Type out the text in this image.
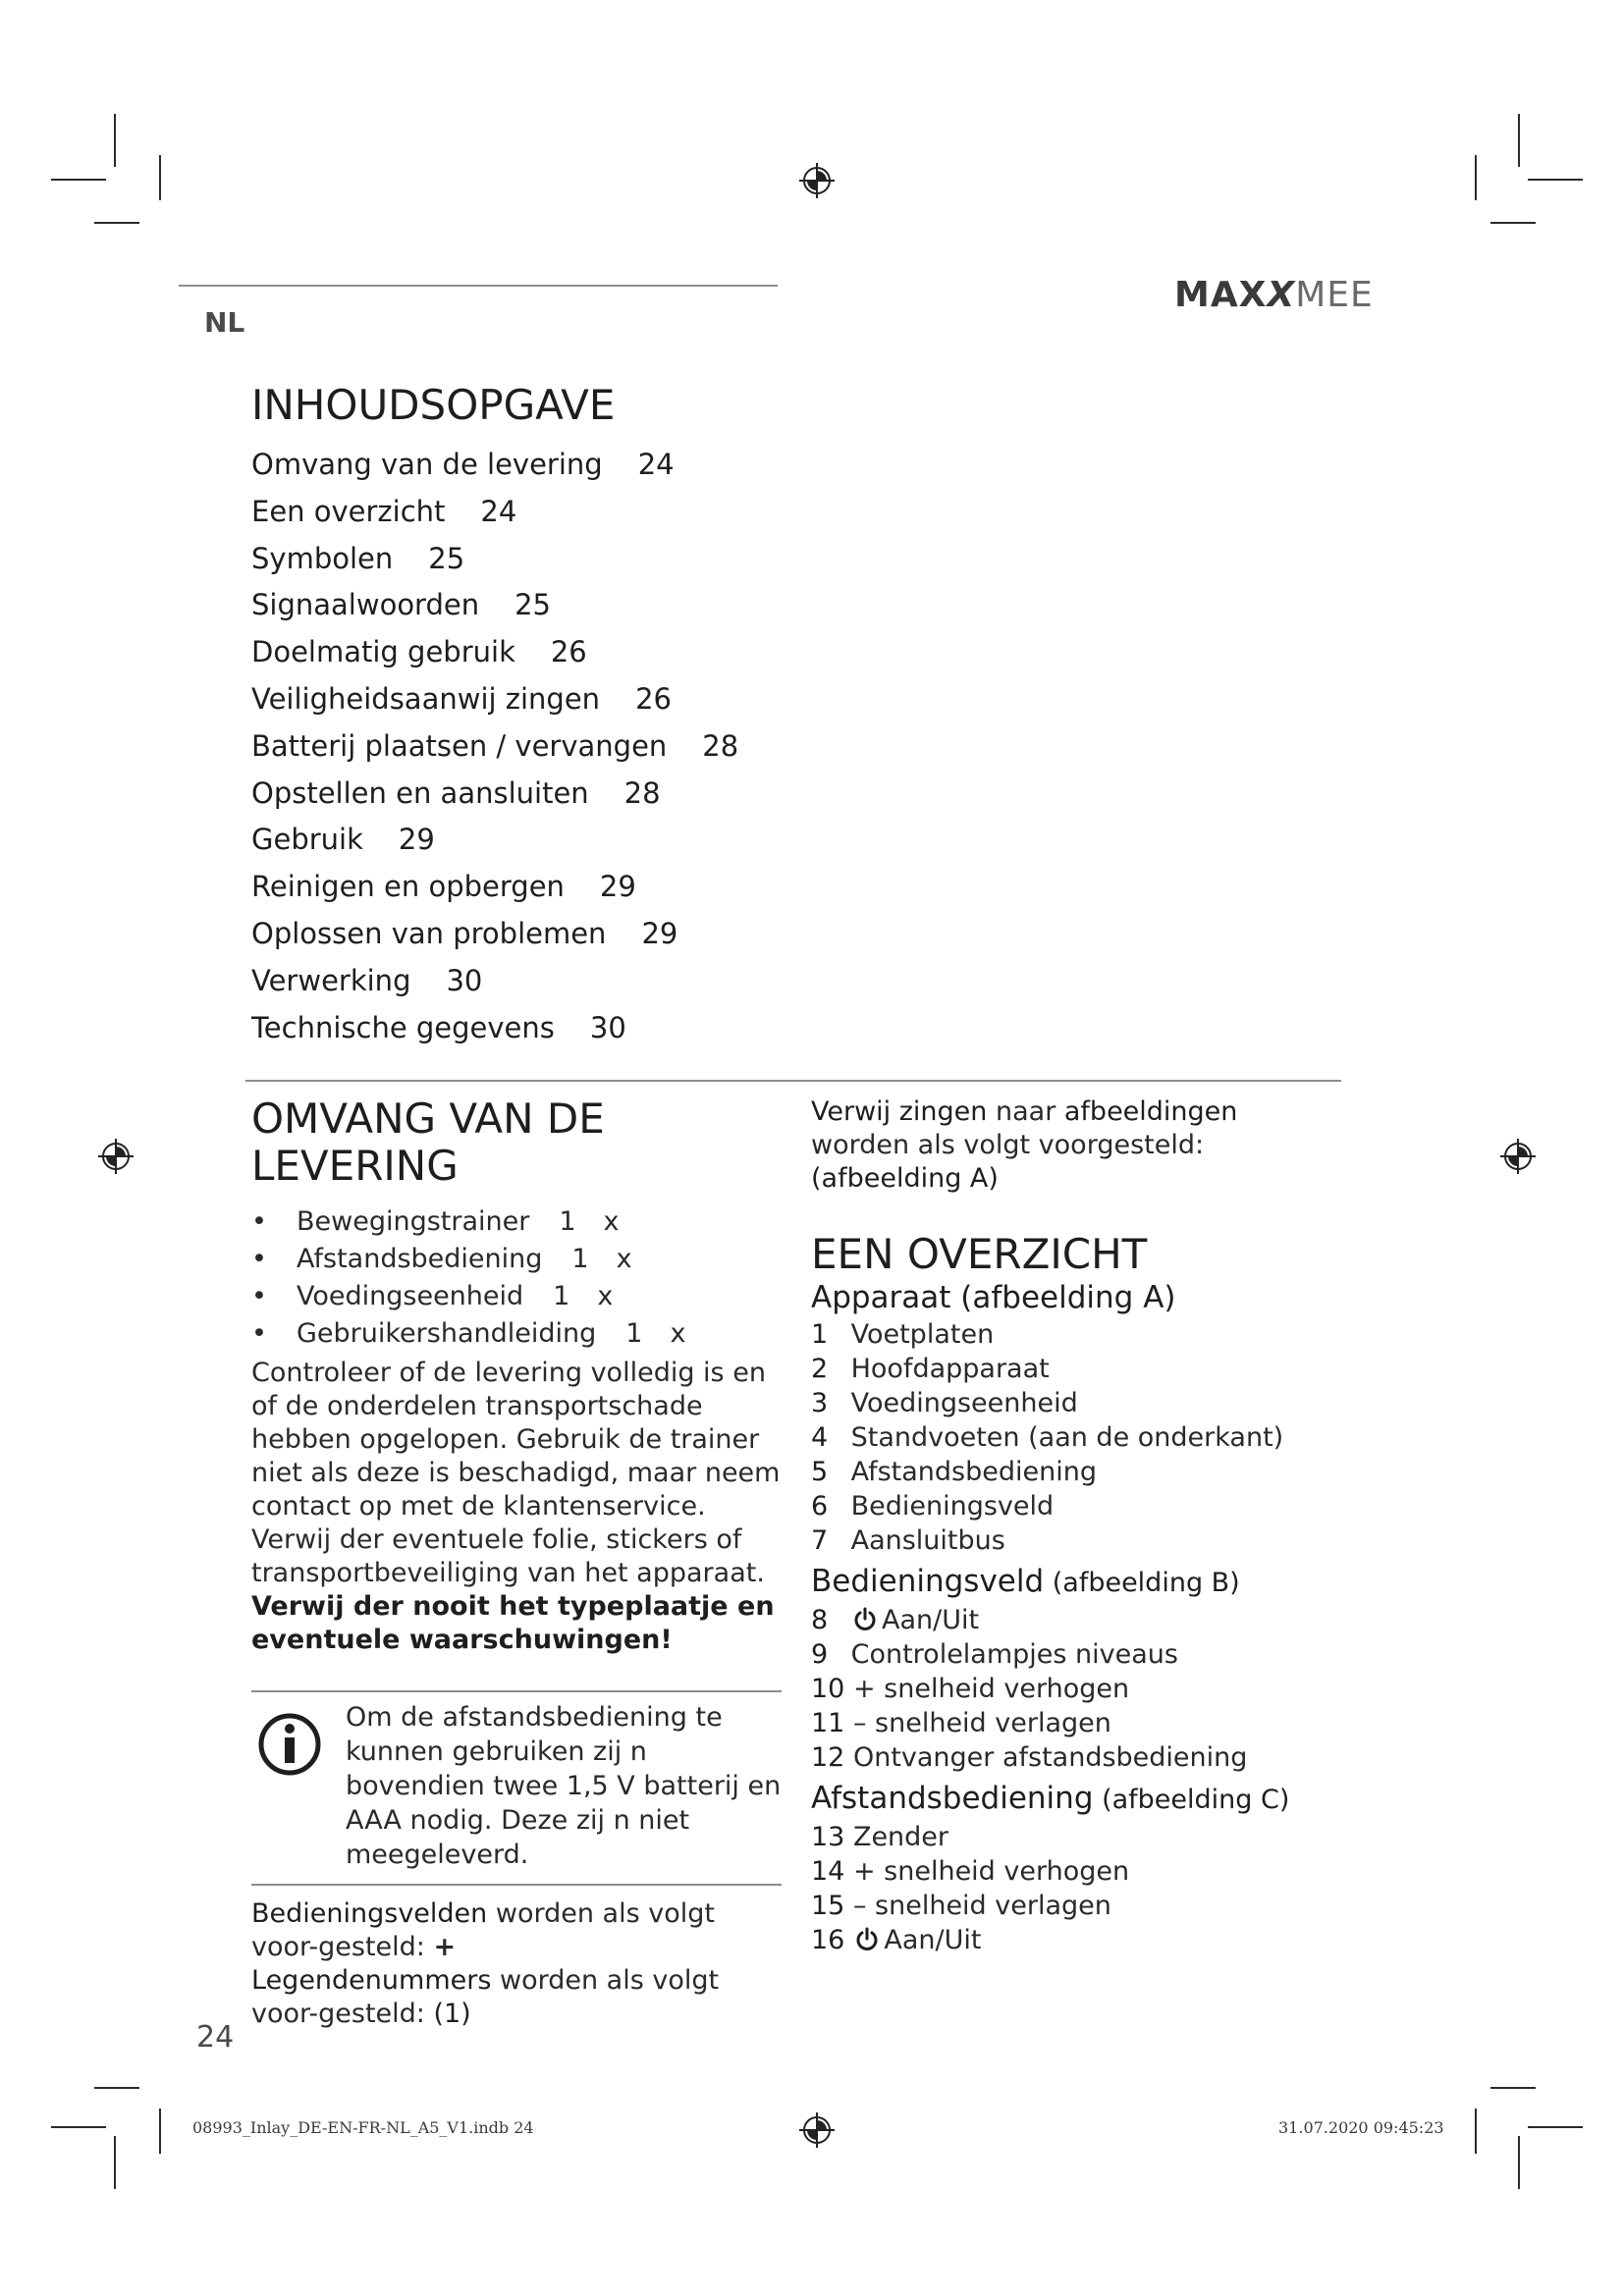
NL
MAXXMEE
INHOUDSOPGAVE
Omvang van de levering 24
Een overzicht 24
Symbolen 25
Signaalwoorden 25
Doelmatig gebruik 26
Veiligheidsaanwij zingen 26
Batterij plaatsen / vervangen 28
Opstellen en aansluiten 28
Gebruik 29
Reinigen en opbergen 29
Oplossen van problemen 29
Verwerking 30
Technische gegevens 30
OMVANG VAN DE
LEVERING
• Bewegingstrainer 1 x
• Afstandsbediening 1 x
• Voedingseenheid 1 x
• Gebruikershandleiding 1 x
Controleer of de levering volledig is en of de onderdelen transportschade hebben opgelopen. Gebruik de trainer niet als deze is beschadigd, maar neem contact op met de klantenservice.
Verwij der eventuele folie, stickers of transportbeveiliging van het apparaat.
Verwij der nooit het typeplaatje en eventuele waarschuwingen!
Om de afstandsbediening te kunnen gebruiken zij n bovendien twee 1,5 V batterij en AAA nodig. Deze zij n niet meegeleverd.
Bedieningsvelden worden als volgt voor-gesteld: +
Legendenummers worden als volgt voor-gesteld: (1)
Verwij zingen naar afbeeldingen worden als volgt voorgesteld: (afbeelding A)
EEN OVERZICHT
Apparaat (afbeelding A)
1 Voetplaten
2 Hoofdapparaat
3 Voedingseenheid
4 Standvoeten (aan de onderkant)
5 Afstandsbediening
6 Bedieningsveld
7 Aansluitbus
Bedieningsveld (afbeelding B)
8 Aan/Uit
9 Controlelampjes niveaus
10 + snelheid verhogen
11 – snelheid verlagen
12 Ontvanger afstandsbediening
Afstandsbediening (afbeelding C)
13 Zender
14 + snelheid verhogen
15 – snelheid verlagen
16 Aan/Uit
24
08993_Inlay_DE-EN-FR-NL_A5_V1.indb 24	31.07.2020 09:45:23
